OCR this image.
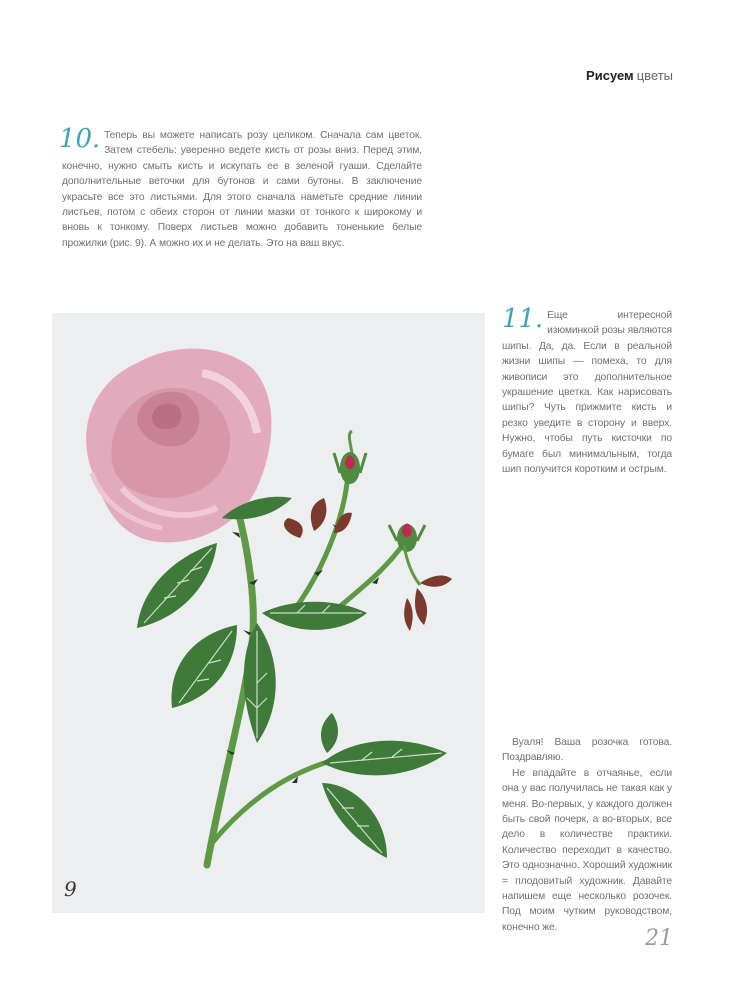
Рисуем цветы
10. Теперь вы можете написать розу целиком. Сначала сам цветок. Затем стебель: уверенно ведете кисть от розы вниз. Перед этим, конечно, нужно смыть кисть и искупать ее в зеленой гуаши. Сделайте дополнительные веточки для бутонов и сами бутоны. В заключение украсьте все это листьями. Для этого сначала наметьте средние линии листьев, потом с обеих сторон от линии мазки от тонкого к широкому и вновь к тонкому. Поверх листьев можно добавить тоненькие белые прожилки (рис. 9). А можно их и не делать. Это на ваш вкус.
9
11. Еще интересной изюминкой розы являются шипы. Да, да. Если в реальной жизни шипы — помеха, то для живописи это дополнительное украшение цветка. Как нарисовать шипы? Чуть прижмите кисть и резко уведите в сторону и вверх. Нужно, чтобы путь кисточки по бумаге был минимальным, тогда шип получится коротким и острым.

Вуаля! Ваша розочка готова. Поздравляю.

Не впадайте в отчаянье, если она у вас получилась не такая как у меня. Во-первых, у каждого должен быть свой почерк, а во-вторых, все дело в количестве практики. Количество переходит в качество. Это однозначно. Хороший художник = плодовитый художник. Давайте напишем еще несколько розочек. Под моим чутким руководством, конечно же.	21
